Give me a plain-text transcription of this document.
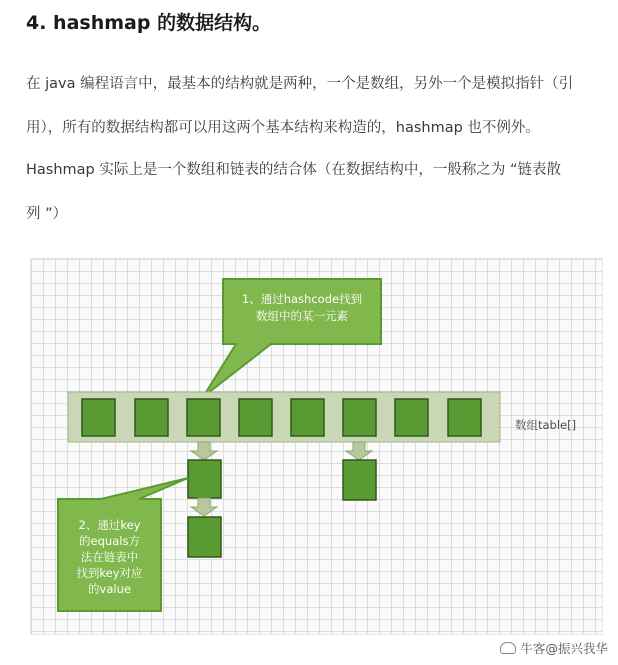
4. hashmap 的数据结构。
在 java 编程语言中，最基本的结构就是两种，一个是数组，另外一个是模拟指针（引
用），所有的数据结构都可以用这两个基本结构来构造的，hashmap 也不例外。
Hashmap 实际上是一个数组和链表的结合体（在数据结构中，一般称之为 “链表散
列 ”）
1、通过hashcode找到
数组中的某一元素
数组table[]
2、通过key
的equals方
法在链表中
找到key对应
的value
牛客@振兴我华
